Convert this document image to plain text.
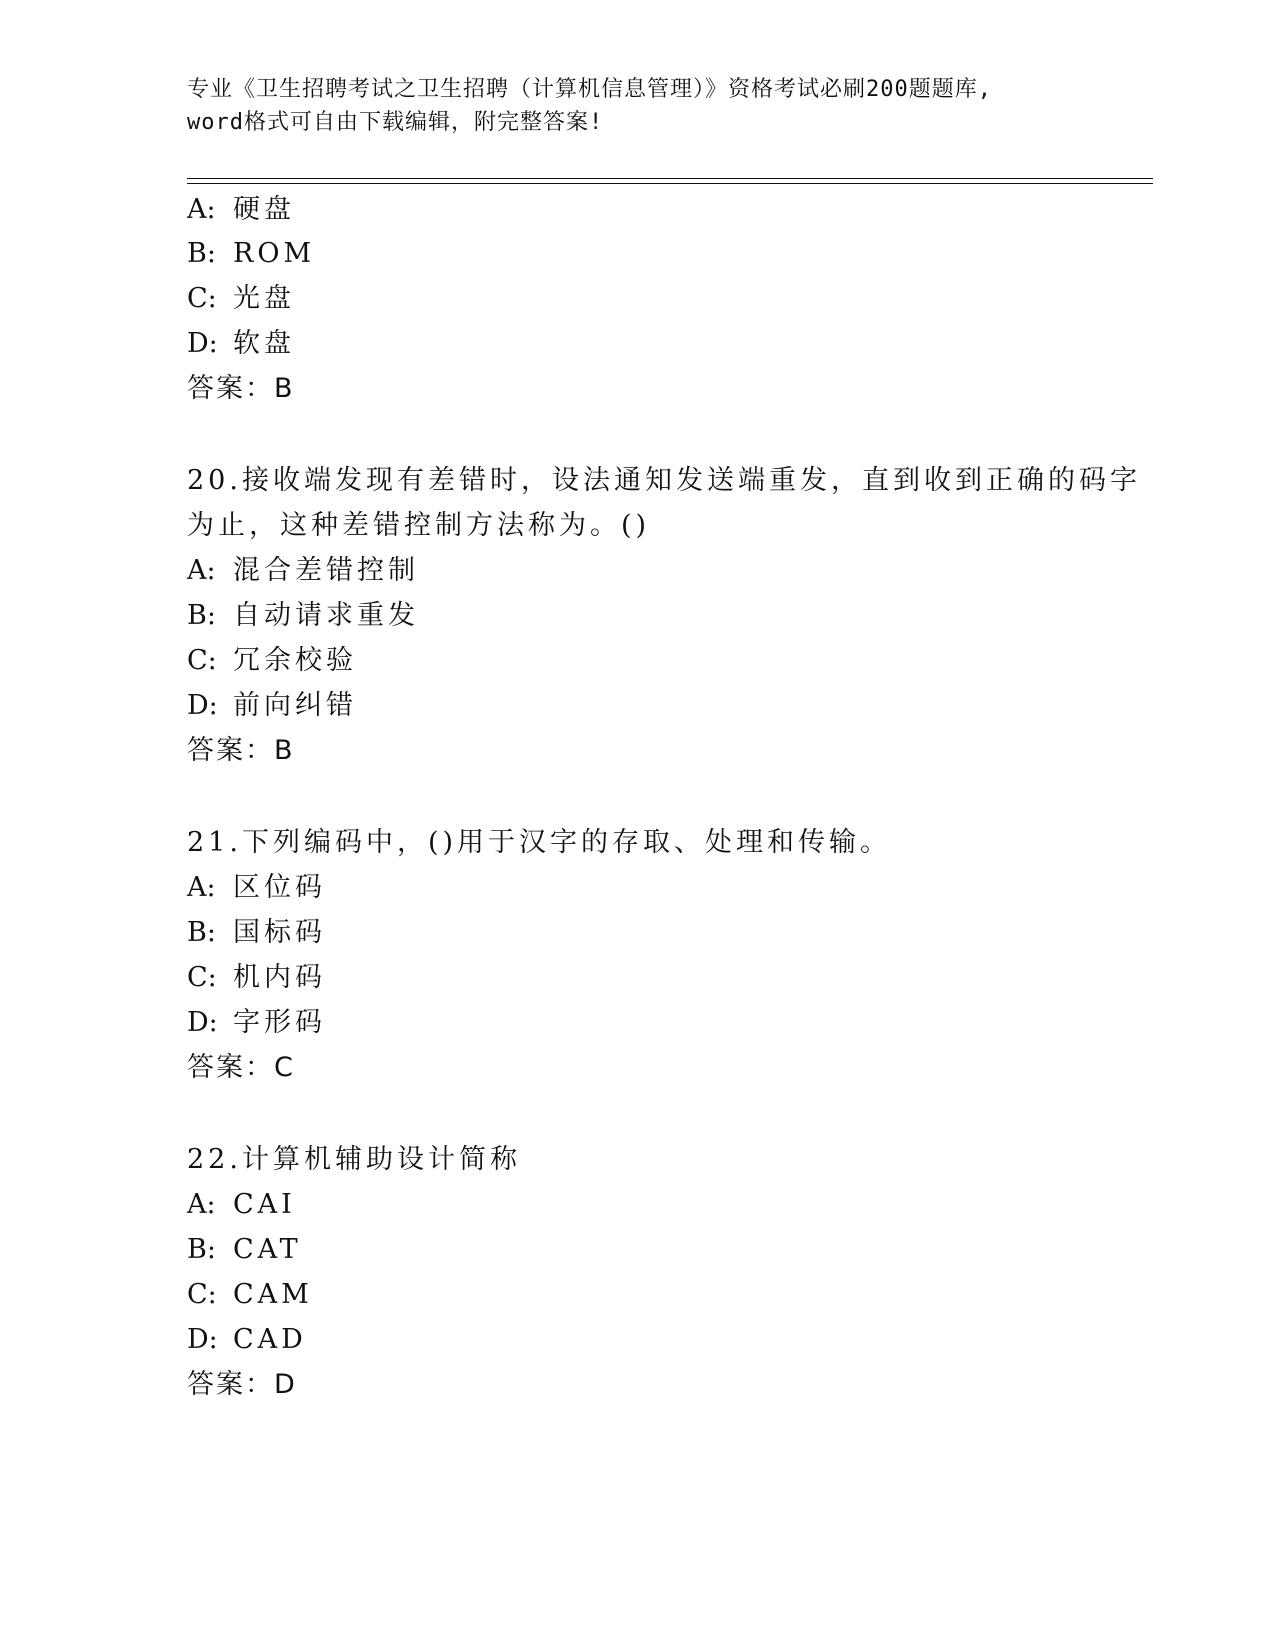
专业《卫生招聘考试之卫生招聘（计算机信息管理）》资格考试必刷200题题库,
word格式可自由下载编辑，附完整答案!
A: 硬盘
B: ROM
C: 光盘
D: 软盘
答案：B
20.接收端发现有差错时，设法通知发送端重发，直到收到正确的码字
为止，这种差错控制方法称为。()
A: 混合差错控制
B: 自动请求重发
C: 冗余校验
D: 前向纠错
答案：B
21.下列编码中，()用于汉字的存取、处理和传输。
A: 区位码
B: 国标码
C: 机内码
D: 字形码
答案：C
22.计算机辅助设计简称
A: CAI
B: CAT
C: CAM
D: CAD
答案：D
